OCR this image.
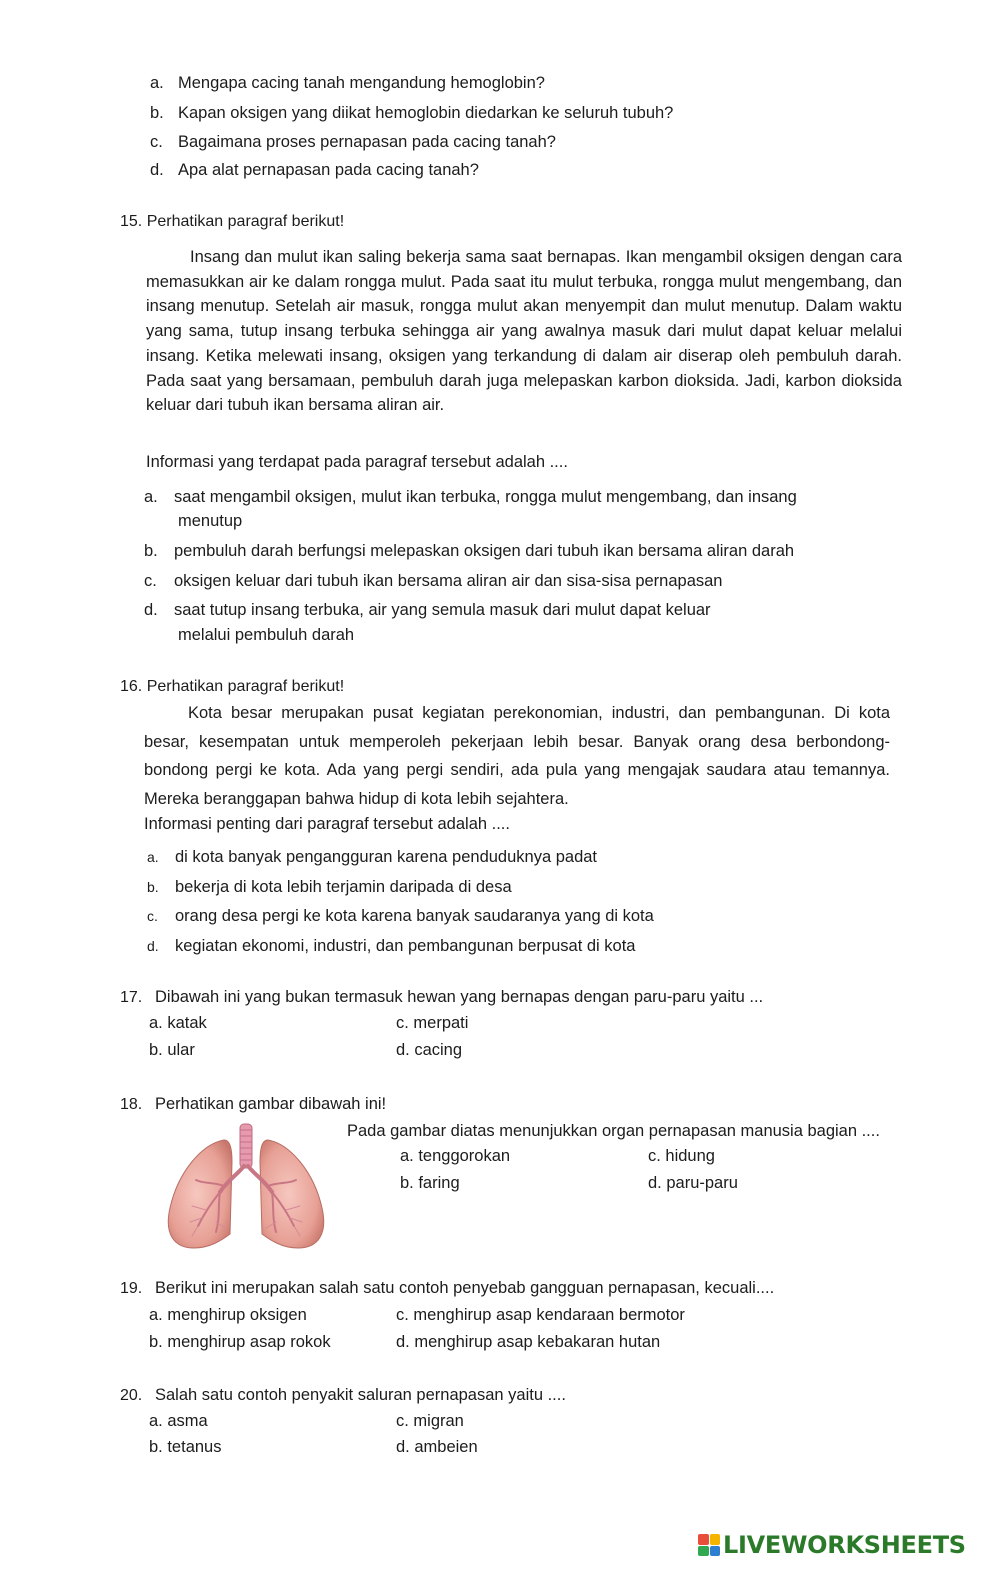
a. Mengapa cacing tanah mengandung hemoglobin?
b. Kapan oksigen yang diikat hemoglobin diedarkan ke seluruh tubuh?
c. Bagaimana proses pernapasan pada cacing tanah?
d. Apa alat pernapasan pada cacing tanah?
15. Perhatikan paragraf berikut!
Insang dan mulut ikan saling bekerja sama saat bernapas. Ikan mengambil oksigen dengan cara memasukkan air ke dalam rongga mulut. Pada saat itu mulut terbuka, rongga mulut mengembang, dan insang menutup. Setelah air masuk, rongga mulut akan menyempit dan mulut menutup. Dalam waktu yang sama, tutup insang terbuka sehingga air yang awalnya masuk dari mulut dapat keluar melalui insang. Ketika melewati insang, oksigen yang terkandung di dalam air diserap oleh pembuluh darah. Pada saat yang bersamaan, pembuluh darah juga melepaskan karbon dioksida. Jadi, karbon dioksida keluar dari tubuh ikan bersama aliran air.
Informasi yang terdapat pada paragraf tersebut adalah ....
a. saat mengambil oksigen, mulut ikan terbuka, rongga mulut mengembang, dan insang
menutup
b. pembuluh darah berfungsi melepaskan oksigen dari tubuh ikan bersama aliran darah
c. oksigen keluar dari tubuh ikan bersama aliran air dan sisa-sisa pernapasan
d. saat tutup insang terbuka, air yang semula masuk dari mulut dapat keluar
melalui pembuluh darah
16. Perhatikan paragraf berikut!
Kota besar merupakan pusat kegiatan perekonomian, industri, dan pembangunan. Di kota besar, kesempatan untuk memperoleh pekerjaan lebih besar. Banyak orang desa berbondong-bondong pergi ke kota. Ada yang pergi sendiri, ada pula yang mengajak saudara atau temannya. Mereka beranggapan bahwa hidup di kota lebih sejahtera.
Informasi penting dari paragraf tersebut adalah ....
a. di kota banyak pengangguran karena penduduknya padat
b. bekerja di kota lebih terjamin daripada di desa
c. orang desa pergi ke kota karena banyak saudaranya yang di kota
d. kegiatan ekonomi, industri, dan pembangunan berpusat di kota
17. Dibawah ini yang bukan termasuk hewan yang bernapas dengan paru-paru yaitu ...
a. katak
b. ular
c. merpati
d. cacing
18. Perhatikan gambar dibawah ini!
Pada gambar diatas menunjukkan organ pernapasan manusia bagian ....
a. tenggorokan
b. faring
c. hidung
d. paru-paru
19. Berikut ini merupakan salah satu contoh penyebab gangguan pernapasan, kecuali....
a. menghirup oksigen
b. menghirup asap rokok
c. menghirup asap kendaraan bermotor
d. menghirup asap kebakaran hutan
20. Salah satu contoh penyakit saluran pernapasan yaitu ....
a. asma
b. tetanus
c. migran
d. ambeien
LIVEWORKSHEETS
